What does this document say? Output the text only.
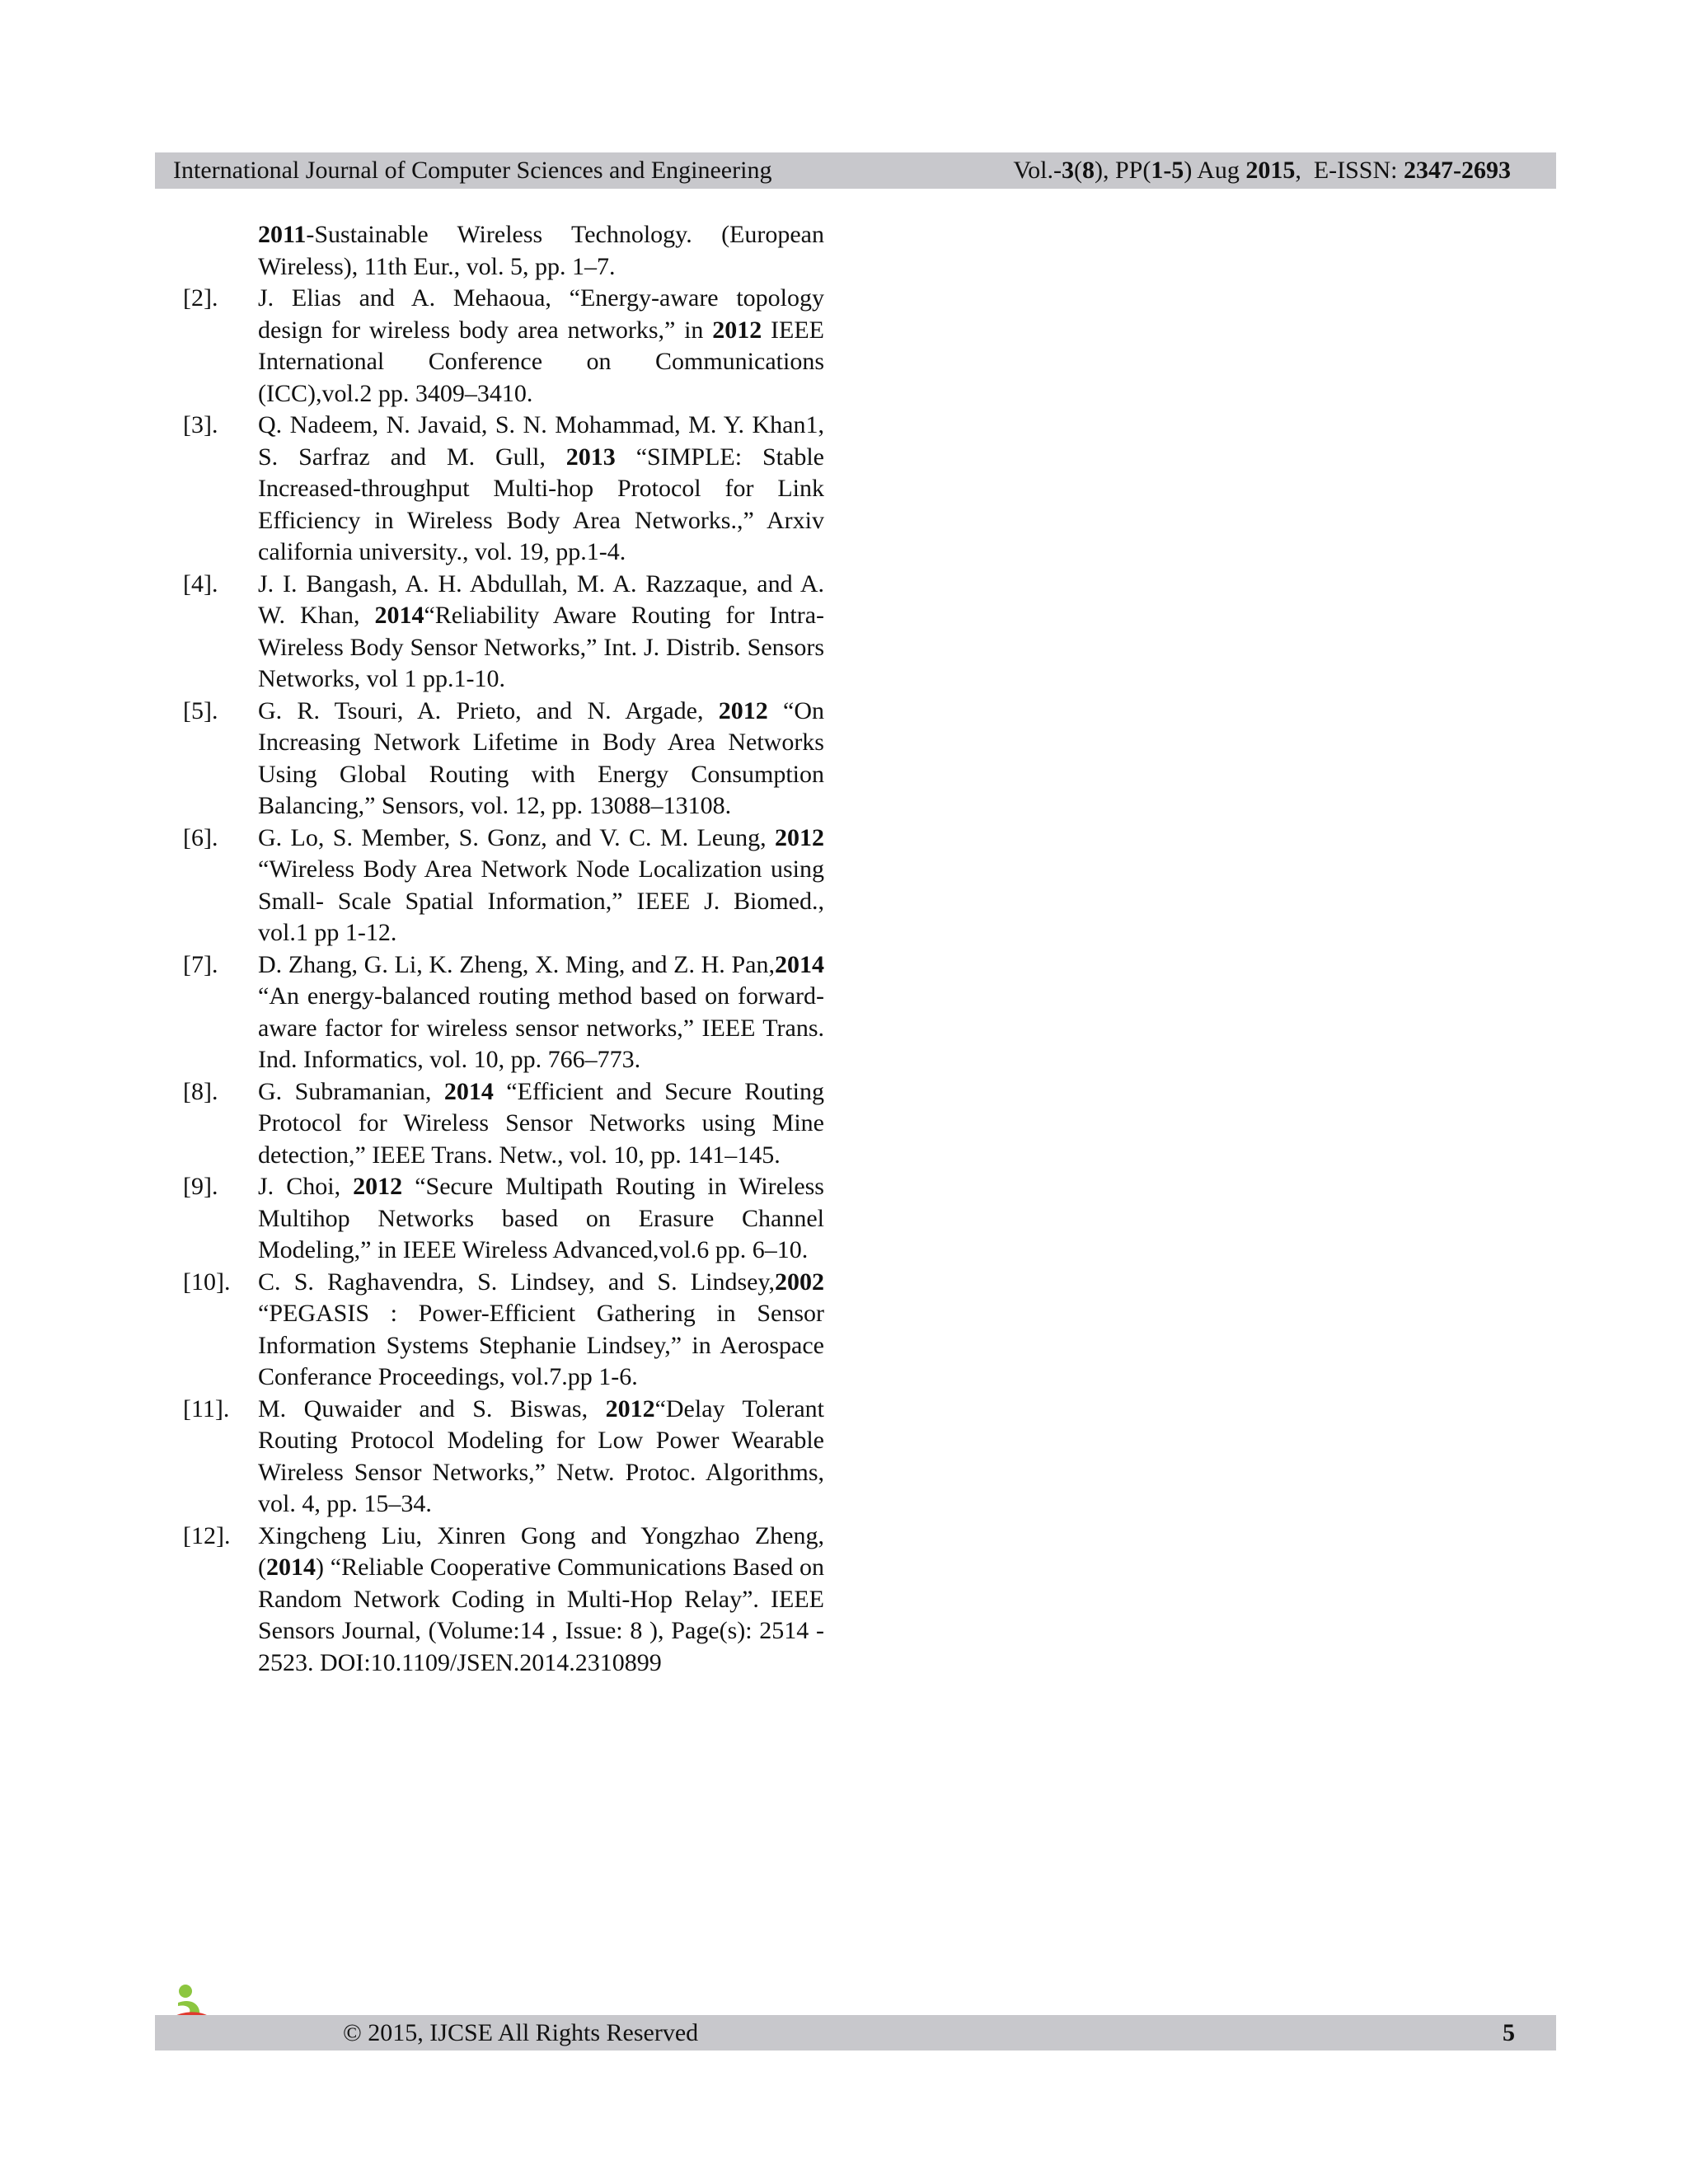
International Journal of Computer Sciences and Engineering	Vol.-3(8), PP(1-5) Aug 2015,  E-ISSN: 2347-2693
2011-Sustainable Wireless Technology. (European Wireless), 11th Eur., vol. 5, pp. 1–7.
[2]. J. Elias and A. Mehaoua, “Energy-aware topology design for wireless body area networks,” in 2012 IEEE International Conference on Communications (ICC),vol.2 pp. 3409–3410.
[3]. Q. Nadeem, N. Javaid, S. N. Mohammad, M. Y. Khan1, S. Sarfraz and M. Gull, 2013 “SIMPLE: Stable Increased-throughput Multi-hop Protocol for Link Efficiency in Wireless Body Area Networks.,” Arxiv california university., vol. 19, pp.1-4.
[4]. J. I. Bangash, A. H. Abdullah, M. A. Razzaque, and A. W. Khan, 2014“Reliability Aware Routing for Intra-Wireless Body Sensor Networks,” Int. J. Distrib. Sensors Networks, vol 1 pp.1-10.
[5]. G. R. Tsouri, A. Prieto, and N. Argade, 2012 “On Increasing Network Lifetime in Body Area Networks Using Global Routing with Energy Consumption Balancing,” Sensors, vol. 12, pp. 13088–13108.
[6]. G. Lo, S. Member, S. Gonz, and V. C. M. Leung, 2012 “Wireless Body Area Network Node Localization using Small- Scale Spatial Information,” IEEE J. Biomed., vol.1 pp 1-12.
[7]. D. Zhang, G. Li, K. Zheng, X. Ming, and Z. H. Pan,2014 “An energy-balanced routing method based on forward-aware factor for wireless sensor networks,” IEEE Trans. Ind. Informatics, vol. 10, pp. 766–773.
[8]. G. Subramanian, 2014 “Efficient and Secure Routing Protocol for Wireless Sensor Networks using Mine detection,” IEEE Trans. Netw., vol. 10, pp. 141–145.
[9]. J. Choi, 2012 “Secure Multipath Routing in Wireless Multihop Networks based on Erasure Channel Modeling,” in IEEE Wireless Advanced,vol.6 pp. 6–10.
[10]. C. S. Raghavendra, S. Lindsey, and S. Lindsey,2002 “PEGASIS : Power-Efficient Gathering in Sensor Information Systems Stephanie Lindsey,” in Aerospace Conferance Proceedings, vol.7.pp 1-6.
[11]. M. Quwaider and S. Biswas, 2012“Delay Tolerant Routing Protocol Modeling for Low Power Wearable Wireless Sensor Networks,” Netw. Protoc. Algorithms, vol. 4, pp. 15–34.
[12]. Xingcheng Liu, Xinren Gong and Yongzhao Zheng, (2014) “Reliable Cooperative Communications Based on Random Network Coding in Multi-Hop Relay”. IEEE Sensors Journal, (Volume:14 , Issue: 8 ), Page(s): 2514 - 2523. DOI:10.1109/JSEN.2014.2310899
© 2015, IJCSE All Rights Reserved	5
